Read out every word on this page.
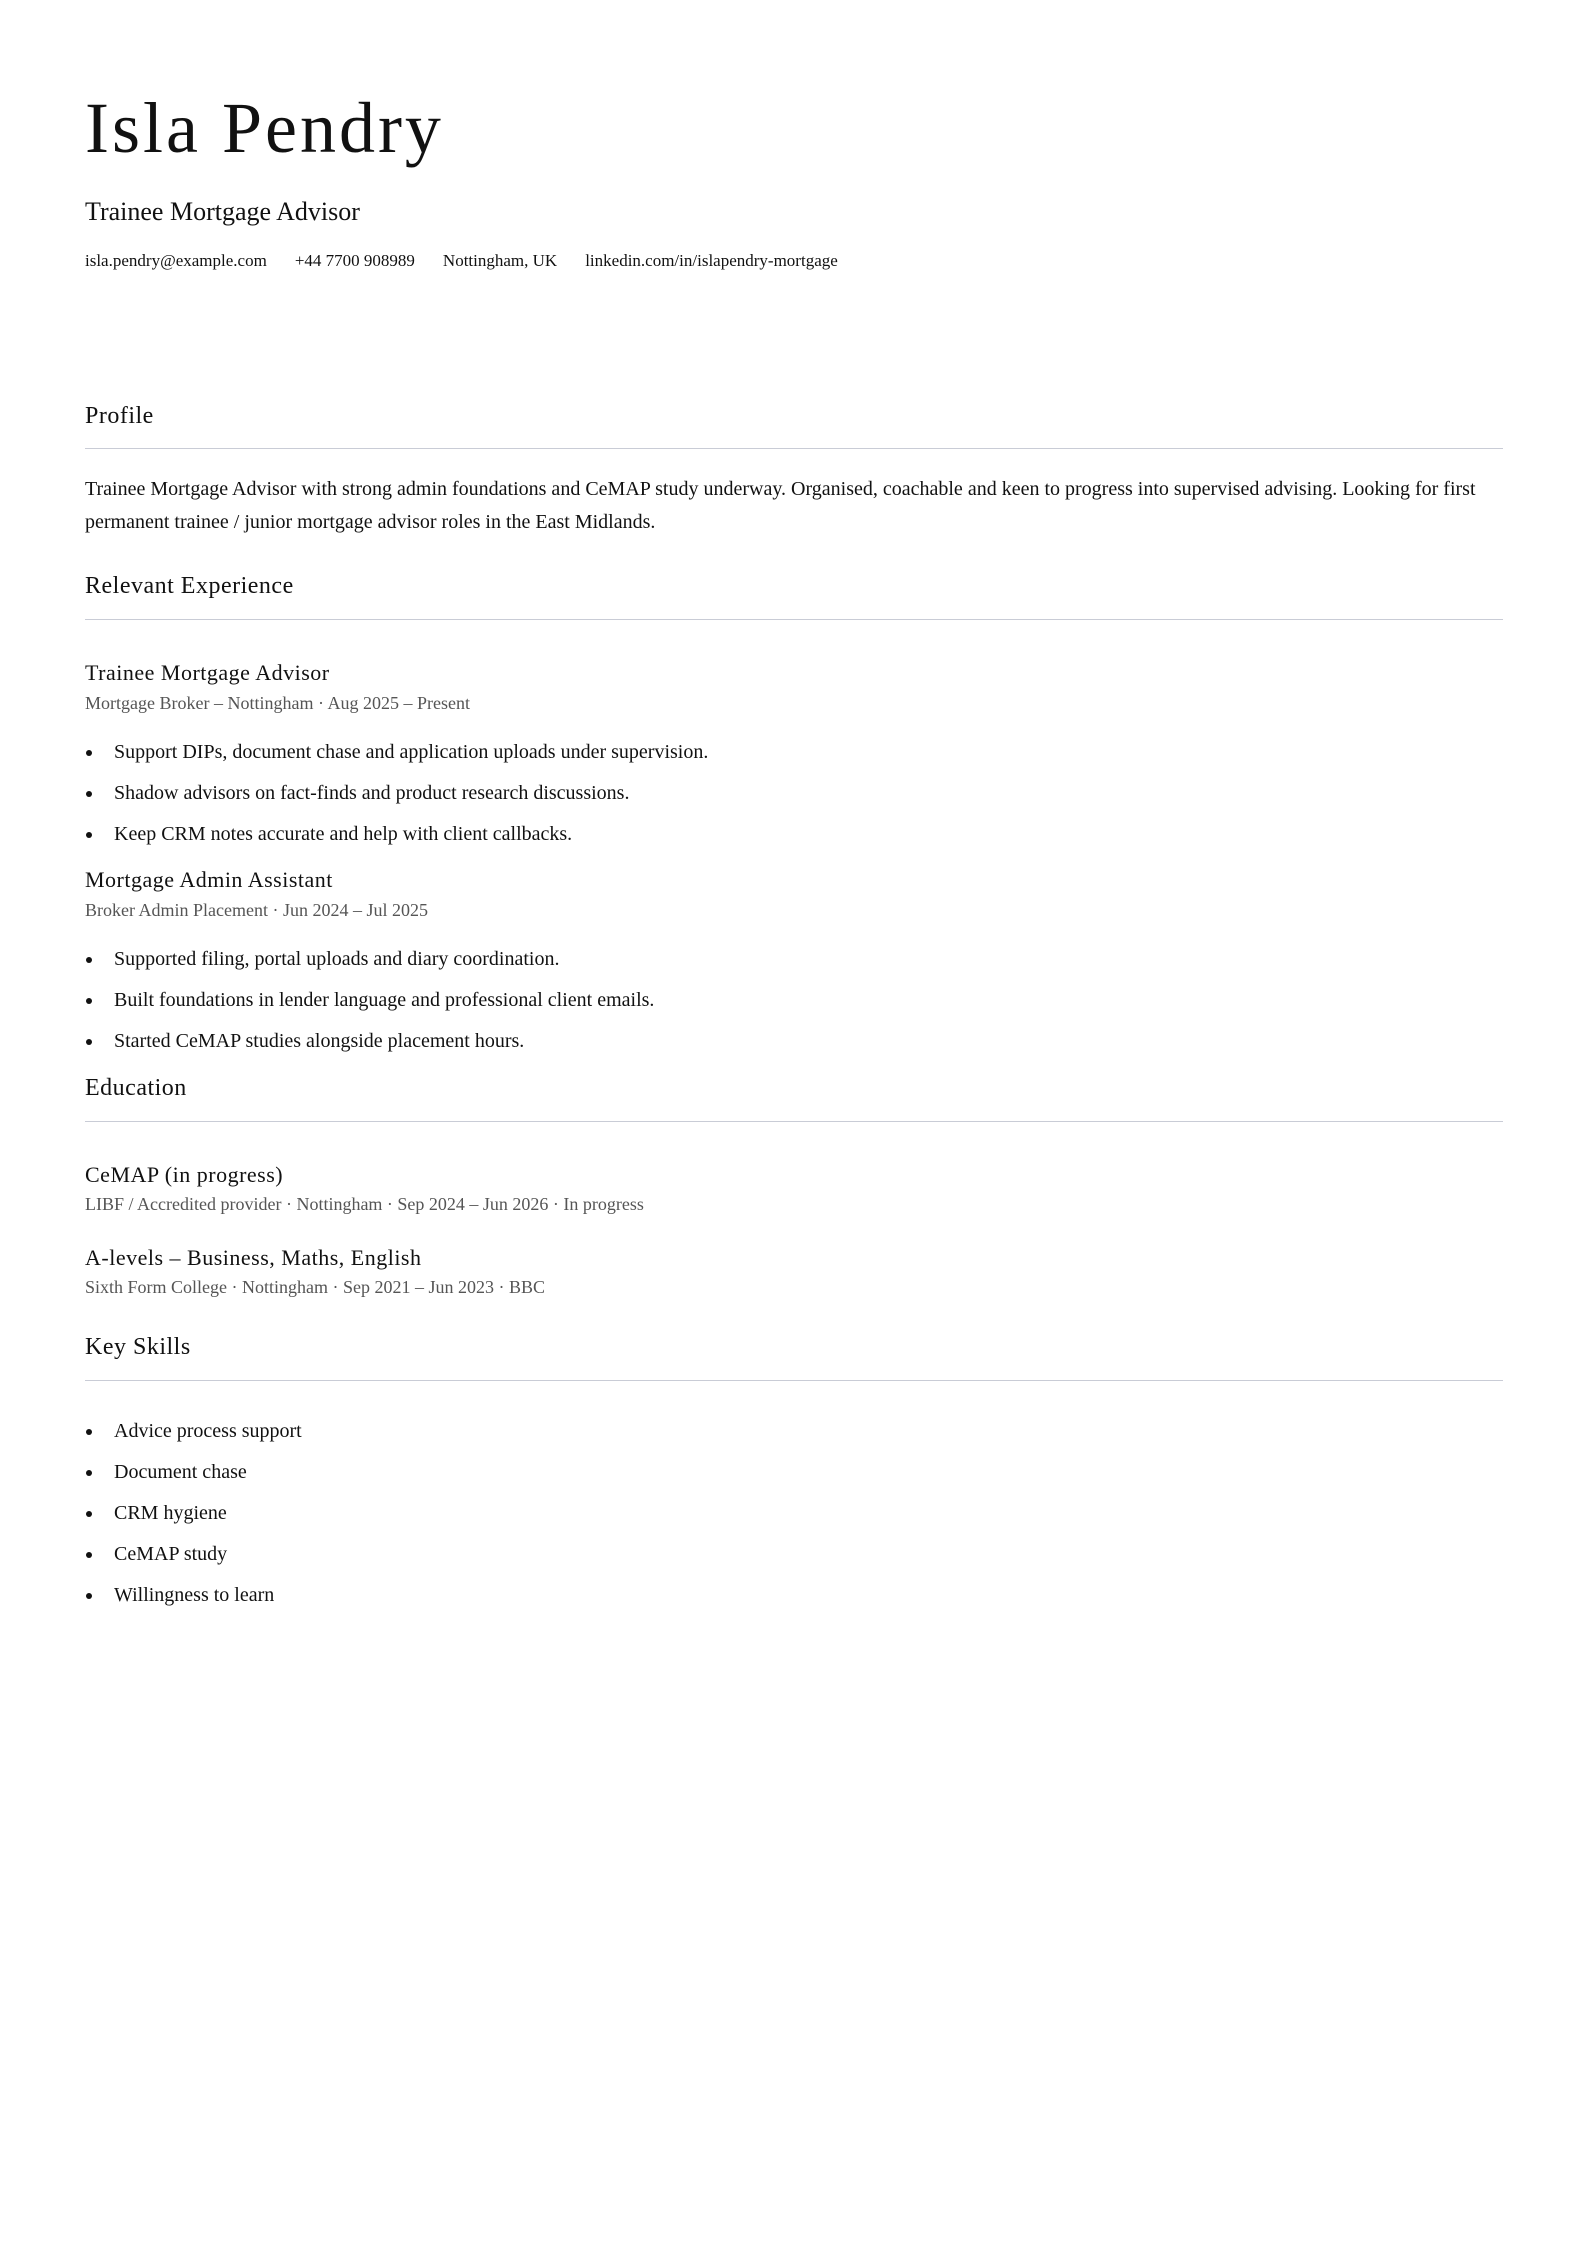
Isla Pendry
Trainee Mortgage Advisor
isla.pendry@example.com +44 7700 908989 Nottingham, UK linkedin.com/in/islapendry-mortgage
Profile
Trainee Mortgage Advisor with strong admin foundations and CeMAP study underway. Organised, coachable and keen to progress into supervised advising. Looking for first permanent trainee / junior mortgage advisor roles in the East Midlands.
Relevant Experience
Trainee Mortgage Advisor
Mortgage Broker – Nottingham · Aug 2025 – Present
Support DIPs, document chase and application uploads under supervision.
Shadow advisors on fact-finds and product research discussions.
Keep CRM notes accurate and help with client callbacks.
Mortgage Admin Assistant
Broker Admin Placement · Jun 2024 – Jul 2025
Supported filing, portal uploads and diary coordination.
Built foundations in lender language and professional client emails.
Started CeMAP studies alongside placement hours.
Education
CeMAP (in progress)
LIBF / Accredited provider · Nottingham · Sep 2024 – Jun 2026 · In progress
A-levels – Business, Maths, English
Sixth Form College · Nottingham · Sep 2021 – Jun 2023 · BBC
Key Skills
Advice process support
Document chase
CRM hygiene
CeMAP study
Willingness to learn
